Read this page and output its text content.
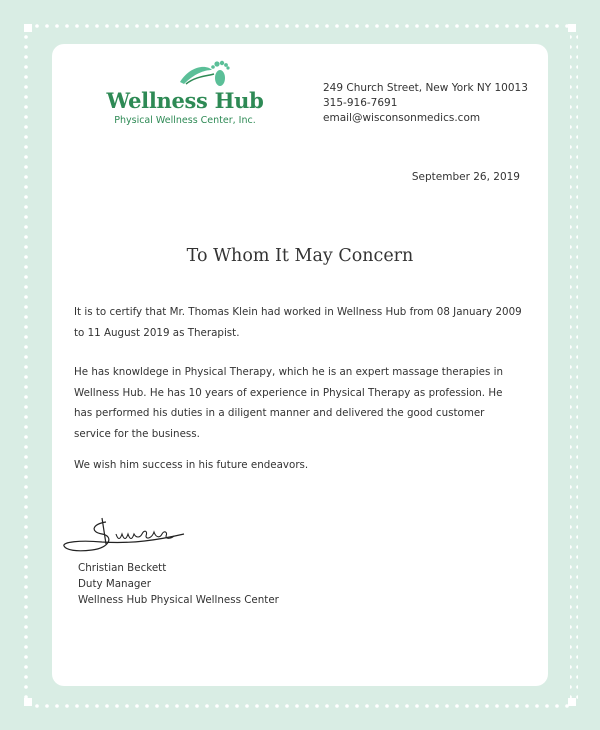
Wellness Hub
Physical Wellness Center, Inc.
249 Church Street, New York NY 10013
315-916-7691
email@wisconsonmedics.com
September 26, 2019
To Whom It May Concern
It is to certify that Mr. Thomas Klein had worked in Wellness Hub from 08 January 2009 to 11 August 2019 as Therapist.
He has knowldege in Physical Therapy, which he is an expert massage therapies in Wellness Hub. He has 10 years of experience in Physical Therapy as profession. He has performed his duties in a diligent manner and delivered the good customer service for the business.
We wish him success in his future endeavors.
Christian Beckett
Duty Manager
Wellness Hub Physical Wellness Center
